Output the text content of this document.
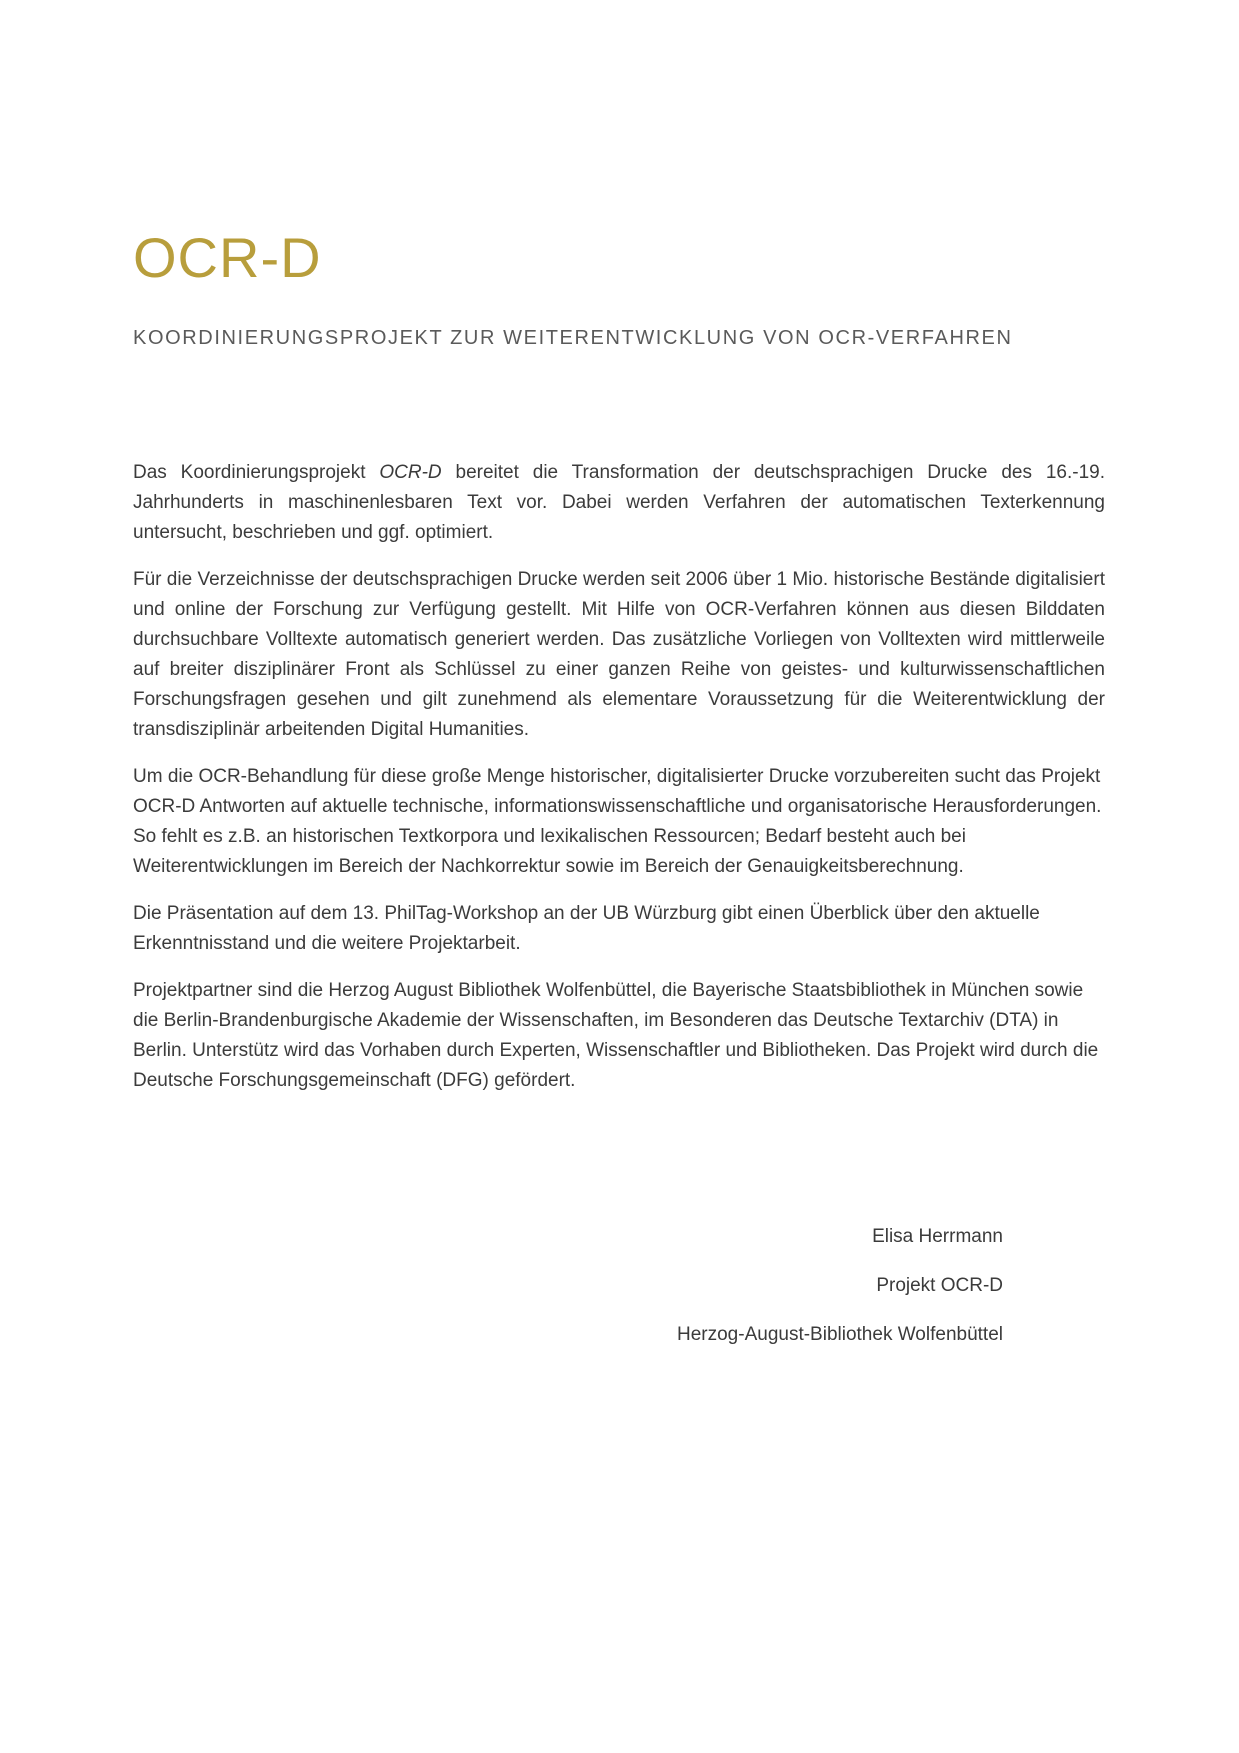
OCR-D
KOORDINIERUNGSPROJEKT ZUR WEITERENTWICKLUNG VON OCR-VERFAHREN

Das Koordinierungsprojekt OCR-D bereitet die Transformation der deutschsprachigen Drucke des 16.-19. Jahrhunderts in maschinenlesbaren Text vor. Dabei werden Verfahren der automatischen Texterkennung untersucht, beschrieben und ggf. optimiert.

Für die Verzeichnisse der deutschsprachigen Drucke werden seit 2006 über 1 Mio. historische Bestände digitalisiert und online der Forschung zur Verfügung gestellt. Mit Hilfe von OCR-Verfahren können aus diesen Bilddaten durchsuchbare Volltexte automatisch generiert werden. Das zusätzliche Vorliegen von Volltexten wird mittlerweile auf breiter disziplinärer Front als Schlüssel zu einer ganzen Reihe von geistes- und kulturwissenschaftlichen Forschungsfragen gesehen und gilt zunehmend als elementare Voraussetzung für die Weiterentwicklung der transdisziplinär arbeitenden Digital Humanities.

Um die OCR-Behandlung für diese große Menge historischer, digitalisierter Drucke vorzubereiten sucht das Projekt OCR-D Antworten auf aktuelle technische, informationswissenschaftliche und organisatorische Herausforderungen. So fehlt es z.B. an historischen Textkorpora und lexikalischen Ressourcen; Bedarf besteht auch bei Weiterentwicklungen im Bereich der Nachkorrektur sowie im Bereich der Genauigkeitsberechnung.

Die Präsentation auf dem 13. PhilTag-Workshop an der UB Würzburg gibt einen Überblick über den aktuelle Erkenntnisstand und die weitere Projektarbeit.

Projektpartner sind die Herzog August Bibliothek Wolfenbüttel, die Bayerische Staatsbibliothek in München sowie die Berlin-Brandenburgische Akademie der Wissenschaften, im Besonderen das Deutsche Textarchiv (DTA) in Berlin. Unterstütz wird das Vorhaben durch Experten, Wissenschaftler und Bibliotheken. Das Projekt wird durch die Deutsche Forschungsgemeinschaft (DFG) gefördert.

Elisa Herrmann
Projekt OCR-D
Herzog-August-Bibliothek Wolfenbüttel
